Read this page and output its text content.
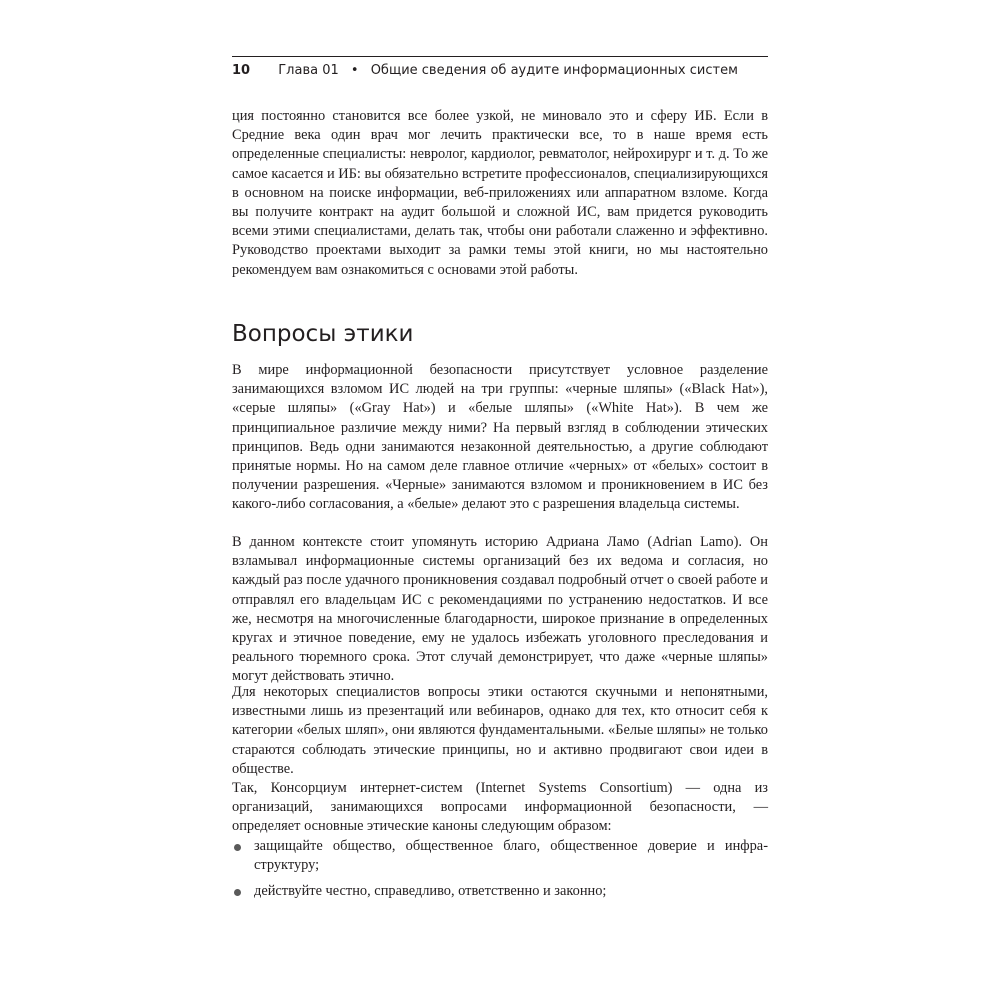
10 Глава 01 • Общие сведения об аудите информационных систем

ция постоянно становится все более узкой, не миновало это и сферу ИБ. Если в Средние века один врач мог лечить практически все, то в наше время есть определенные специалисты: невролог, кардиолог, ревматолог, нейрохирург и т. д. То же самое касается и ИБ: вы обязательно встретите профессионалов, специализирующихся в основном на поиске информации, веб-приложениях или аппаратном взломе. Когда вы получите контракт на аудит большой и сложной ИС, вам придется руководить всеми этими специалистами, делать так, чтобы они работали слаженно и эффективно. Руководство проектами выходит за рамки темы этой книги, но мы настоятельно рекомендуем вам ознакомиться с основами этой работы.

Вопросы этики

В мире информационной безопасности присутствует условное разделение занимающихся взломом ИС людей на три группы: «черные шляпы» («Black Hat»), «серые шляпы» («Gray Hat») и «белые шляпы» («White Hat»). В чем же принципиальное различие между ними? На первый взгляд в соблюдении этических принципов. Ведь одни занимаются незаконной деятельностью, а другие соблюдают принятые нормы. Но на самом деле главное отличие «черных» от «белых» состоит в получении разрешения. «Черные» занимаются взломом и проникновением в ИС без какого-либо согласования, а «белые» делают это с разрешения владельца системы.

В данном контексте стоит упомянуть историю Адриана Ламо (Adrian Lamo). Он взламывал информационные системы организаций без их ведома и согласия, но каждый раз после удачного проникновения создавал подробный отчет о своей работе и отправлял его владельцам ИС с рекомендациями по устранению недостатков. И все же, несмотря на многочисленные благодарности, широкое признание в определенных кругах и этичное поведение, ему не удалось избежать уголовного преследования и реального тюремного срока. Этот случай демонстрирует, что даже «черные шляпы» могут действовать этично.

Для некоторых специалистов вопросы этики остаются скучными и непонятными, известными лишь из презентаций или вебинаров, однако для тех, кто относит себя к категории «белых шляп», они являются фундаментальными. «Белые шляпы» не только стараются соблюдать этические принципы, но и активно продвигают свои идеи в обществе.

Так, Консорциум интернет-систем (Internet Systems Consortium) — одна из организаций, занимающихся вопросами информационной безопасности, — определяет основные этические каноны следующим образом:

защищайте общество, общественное благо, общественное доверие и инфраструктуру;
действуйте честно, справедливо, ответственно и законно;
